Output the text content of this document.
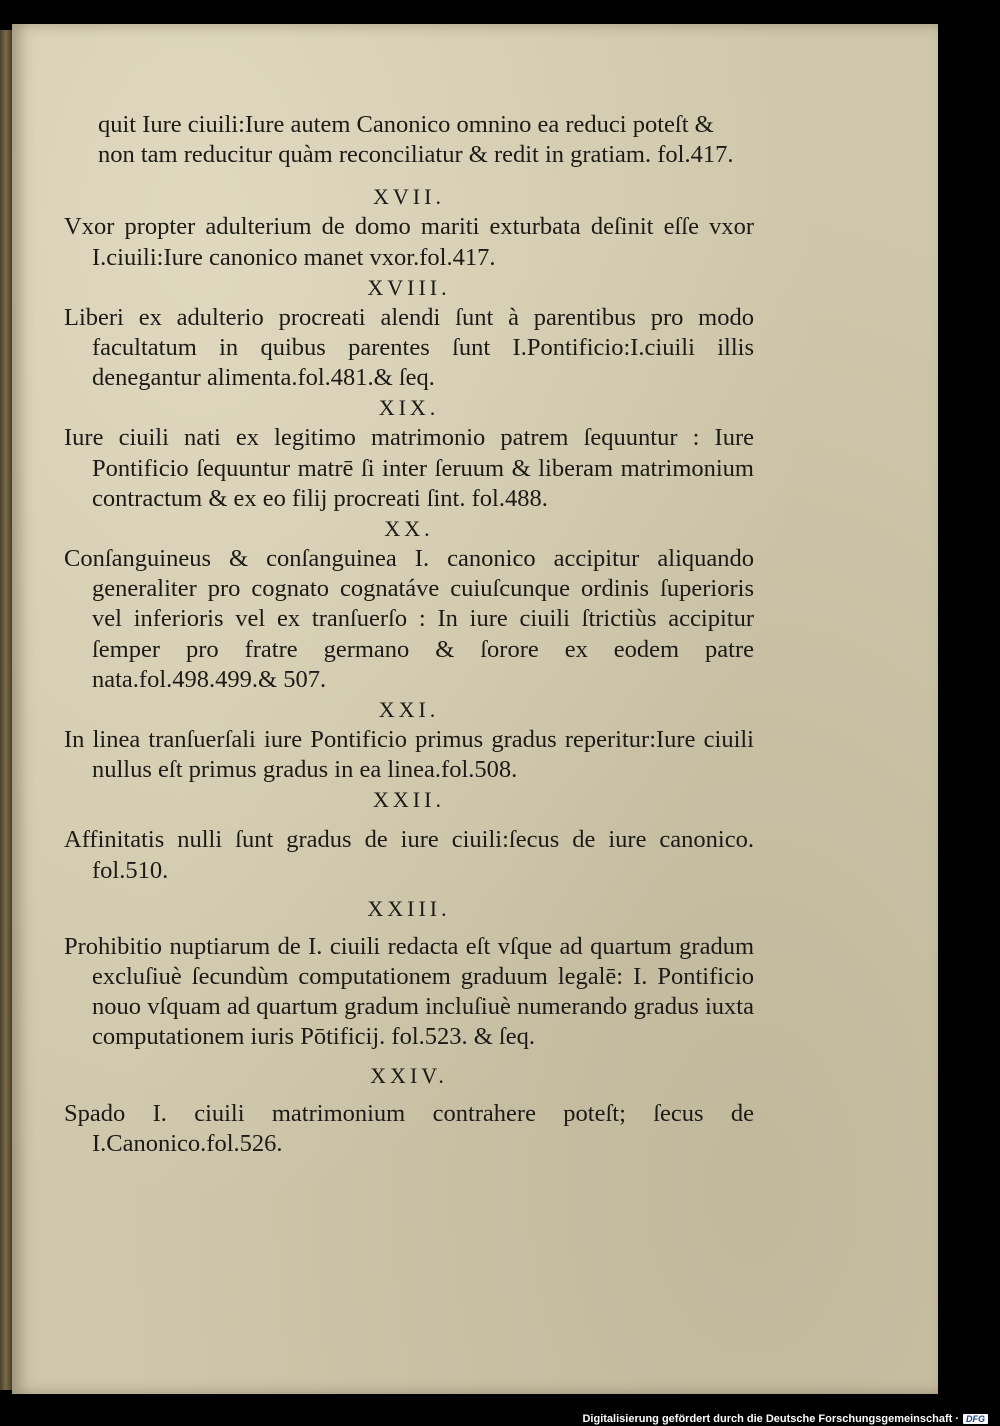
quit Iure ciuili:Iure autem Canonico omnino ea reduci poteſt & non tam reducitur quàm reconciliatur & redit in gratiam. fol.417.

XVII.

Vxor propter adulterium de domo mariti exturbata deſinit eſſe vxor I.ciuili:Iure canonico manet vxor.fol.417.

XVIII.

Liberi ex adulterio procreati alendi ſunt à parentibus pro modo facultatum in quibus parentes ſunt I.Pontificio:I.ciuili illis denegantur alimenta.fol.481.& ſeq.

XIX.

Iure ciuili nati ex legitimo matrimonio patrem ſequuntur : Iure Pontificio ſequuntur matrē ſi inter ſeruum & liberam matrimonium contractum & ex eo filij procreati ſint. fol.488.

XX.

Conſanguineus & conſanguinea I. canonico accipitur aliquando generaliter pro cognato cognatáve cuiuſcunque ordinis ſuperioris vel inferioris vel ex tranſuerſo : In iure ciuili ſtrictiùs accipitur ſemper pro fratre germano & ſorore ex eodem patre nata.fol.498.499.& 507.

XXI.

In linea tranſuerſali iure Pontificio primus gradus reperitur:Iure ciuili nullus eſt primus gradus in ea linea.fol.508.

XXII.

Affinitatis nulli ſunt gradus de iure ciuili:ſecus de iure canonico. fol.510.

XXIII.

Prohibitio nuptiarum de I. ciuili redacta eſt vſque ad quartum gradum excluſiuè ſecundùm computationem graduum legalē: I. Pontificio nouo vſquam ad quartum gradum incluſiuè numerando gradus iuxta computationem iuris Pōtificij. fol.523. & ſeq.

XXIV.

Spado I. ciuili matrimonium contrahere poteſt; ſecus de I.Canonico.fol.526.

Digitalisierung gefördert durch die Deutsche Forschungsgemeinschaft · DFG
